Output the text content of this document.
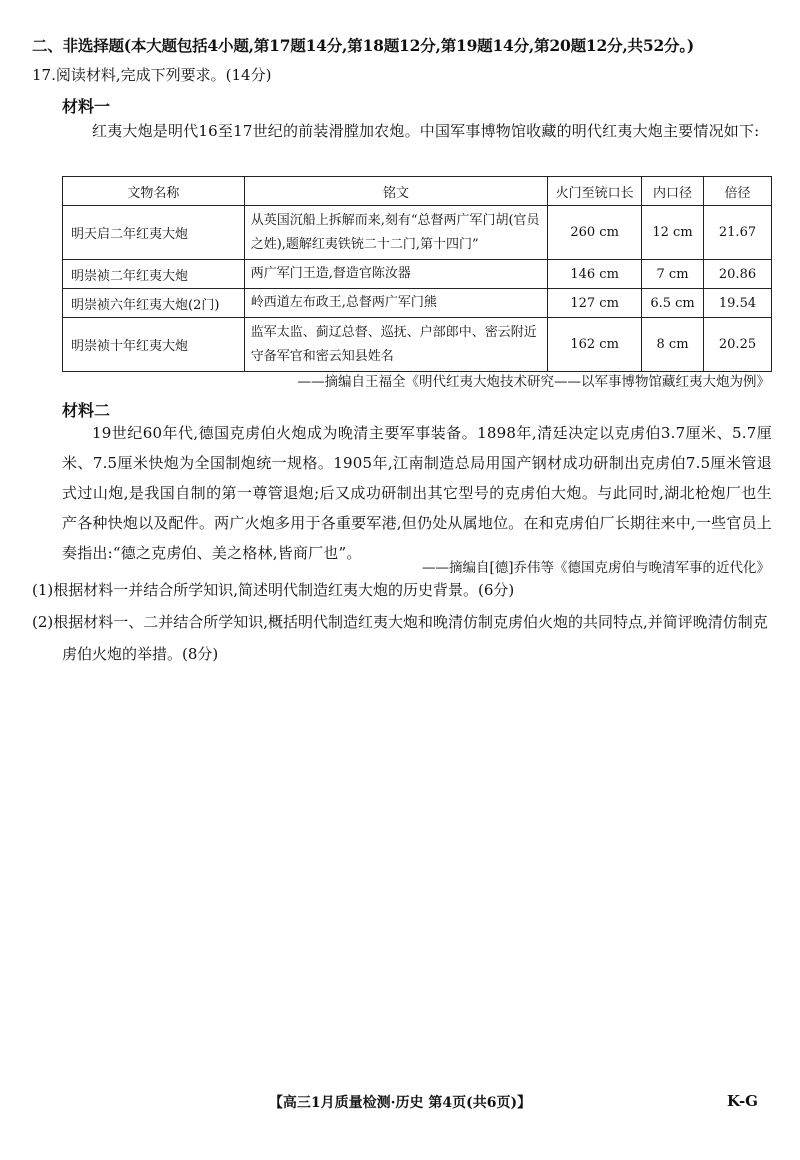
二、非选择题(本大题包括4小题,第17题14分,第18题12分,第19题14分,第20题12分,共52分。)
17.阅读材料,完成下列要求。(14分)
材料一
红夷大炮是明代16至17世纪的前装滑膛加农炮。中国军事博物馆收藏的明代红夷大炮主要情况如下:
文物名称	铭文	火门至铳口长	内口径	倍径
明天启二年红夷大炮	从英国沉船上拆解而来,刻有“总督两广军门胡(官员之姓),题解红夷铁铳二十二门,第十四门”	260 cm	12 cm	21.67
明崇祯二年红夷大炮	两广军门王造,督造官陈汝器	146 cm	7 cm	20.86
明崇祯六年红夷大炮(2门)	岭西道左布政王,总督两广军门熊	127 cm	6.5 cm	19.54
明崇祯十年红夷大炮	监军太监、蓟辽总督、巡抚、户部郎中、密云附近守备军官和密云知县姓名	162 cm	8 cm	20.25
——摘编自王福全《明代红夷大炮技术研究——以军事博物馆藏红夷大炮为例》
材料二
19世纪60年代,德国克虏伯火炮成为晚清主要军事装备。1898年,清廷决定以克虏伯3.7厘米、5.7厘米、7.5厘米快炮为全国制炮统一规格。1905年,江南制造总局用国产钢材成功研制出克虏伯7.5厘米管退式过山炮,是我国自制的第一尊管退炮;后又成功研制出其它型号的克虏伯大炮。与此同时,湖北枪炮厂也生产各种快炮以及配件。两广火炮多用于各重要军港,但仍处从属地位。在和克虏伯厂长期往来中,一些官员上奏指出:“德之克虏伯、美之格林,皆商厂也”。
——摘编自[德]乔伟等《德国克虏伯与晚清军事的近代化》
(1)根据材料一并结合所学知识,简述明代制造红夷大炮的历史背景。(6分)
(2)根据材料一、二并结合所学知识,概括明代制造红夷大炮和晚清仿制克虏伯火炮的共同特点,并简评晚清仿制克虏伯火炮的举措。(8分)
【高三1月质量检测·历史 第4页(共6页)】	K-G
